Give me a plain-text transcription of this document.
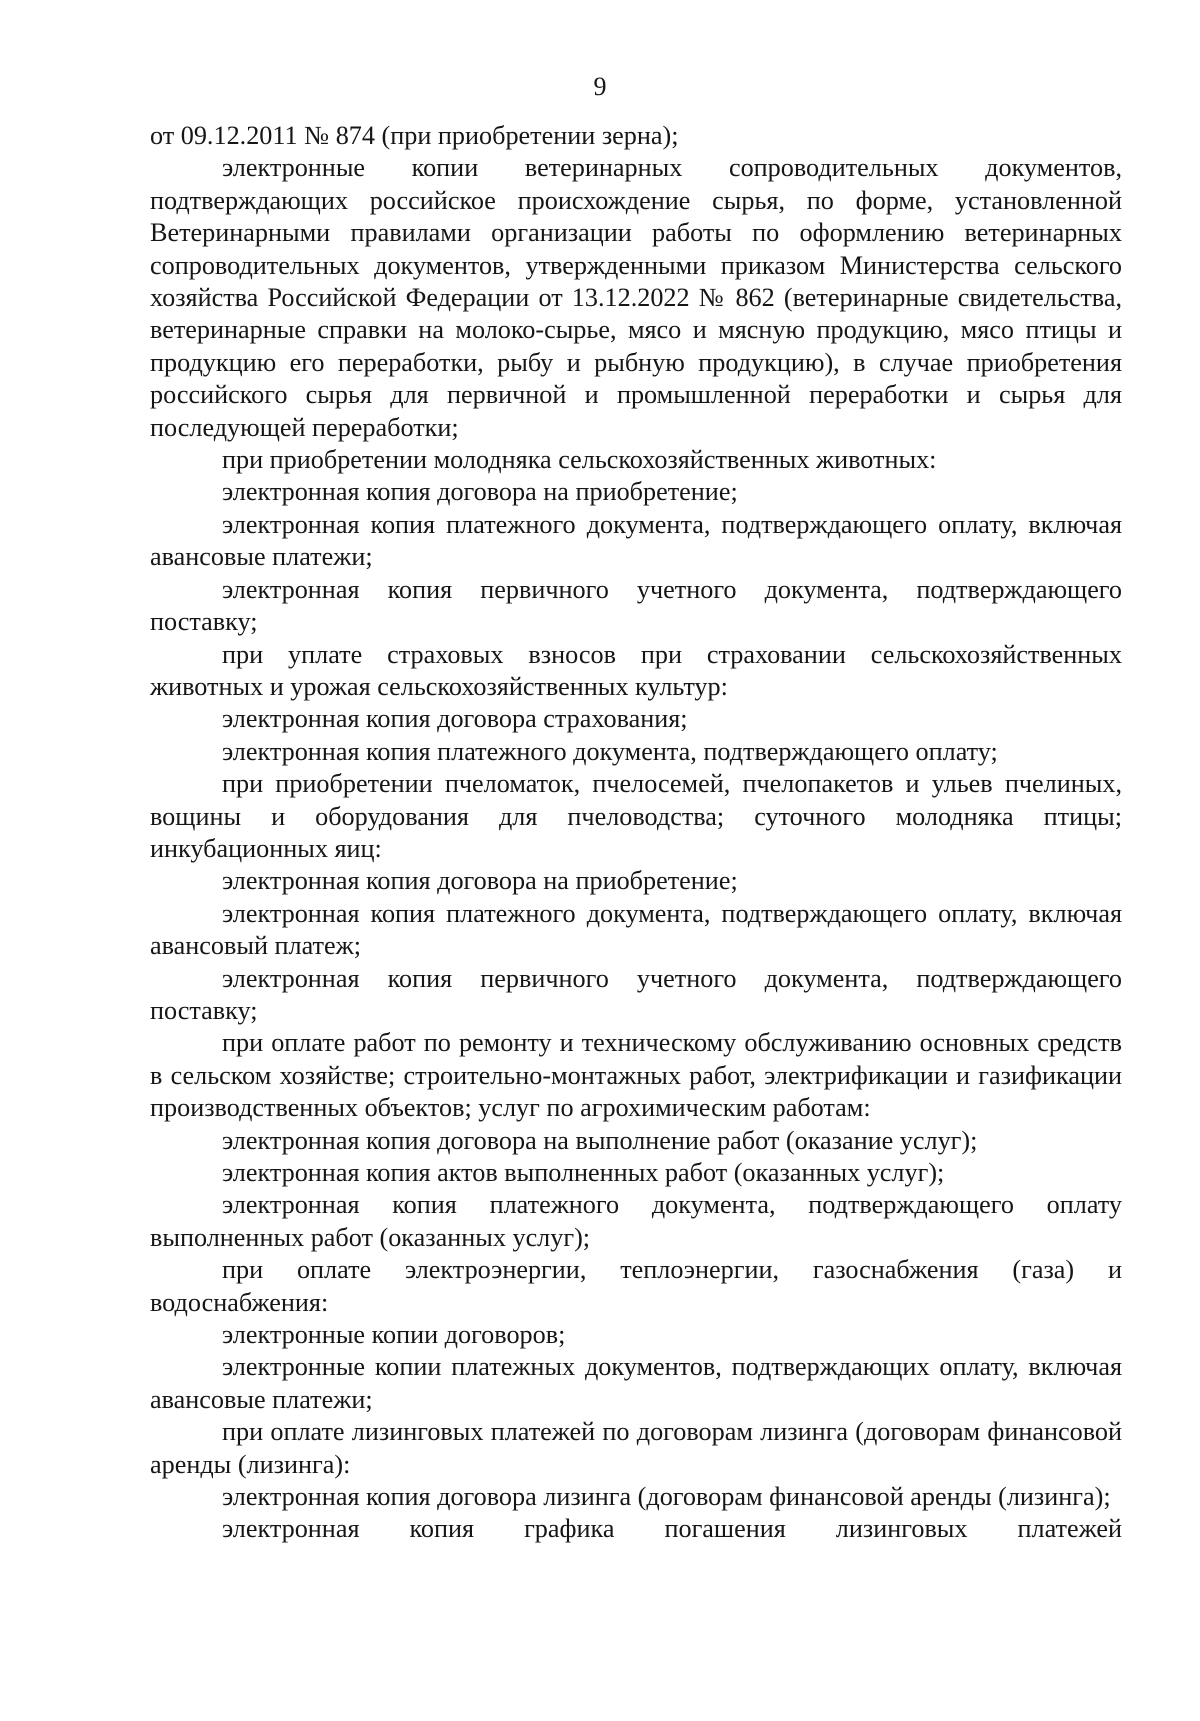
9

от 09.12.2011 № 874 (при приобретении зерна);

электронные копии ветеринарных сопроводительных документов, подтверждающих российское происхождение сырья, по форме, установленной Ветеринарными правилами организации работы по оформлению ветеринарных сопроводительных документов, утвержденными приказом Министерства сельского хозяйства Российской Федерации от 13.12.2022 № 862 (ветеринарные свидетельства, ветеринарные справки на молоко-сырье, мясо и мясную продукцию, мясо птицы и продукцию его переработки, рыбу и рыбную продукцию), в случае приобретения российского сырья для первичной и промышленной переработки и сырья для последующей переработки;

при приобретении молодняка сельскохозяйственных животных:

электронная копия договора на приобретение;

электронная копия платежного документа, подтверждающего оплату, включая авансовые платежи;

электронная копия первичного учетного документа, подтверждающего поставку;

при уплате страховых взносов при страховании сельскохозяйственных животных и урожая сельскохозяйственных культур:

электронная копия договора страхования;

электронная копия платежного документа, подтверждающего оплату;

при приобретении пчеломаток, пчелосемей, пчелопакетов и ульев пчелиных, вощины и оборудования для пчеловодства; суточного молодняка птицы; инкубационных яиц:

электронная копия договора на приобретение;

электронная копия платежного документа, подтверждающего оплату, включая авансовый платеж;

электронная копия первичного учетного документа, подтверждающего поставку;

при оплате работ по ремонту и техническому обслуживанию основных средств в сельском хозяйстве; строительно-монтажных работ, электрификации и газификации производственных объектов; услуг по агрохимическим работам:

электронная копия договора на выполнение работ (оказание услуг);

электронная копия актов выполненных работ (оказанных услуг);

электронная копия платежного документа, подтверждающего оплату выполненных работ (оказанных услуг);

при оплате электроэнергии, теплоэнергии, газоснабжения (газа) и водоснабжения:

электронные копии договоров;

электронные копии платежных документов, подтверждающих оплату, включая авансовые платежи;

при оплате лизинговых платежей по договорам лизинга (договорам финансовой аренды (лизинга):

электронная копия договора лизинга (договорам финансовой аренды (лизинга);

электронная копия графика погашения лизинговых платежей
